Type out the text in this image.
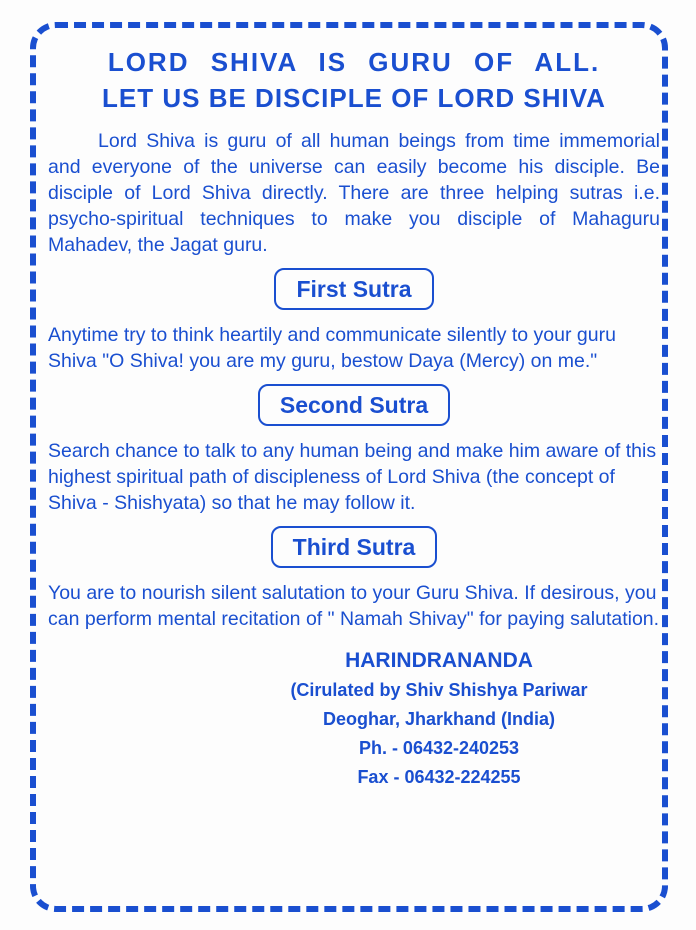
LORD SHIVA IS GURU OF ALL.
LET US BE DISCIPLE OF LORD SHIVA

Lord Shiva is guru of all human beings from time immemorial and everyone of the universe can easily become his disciple. Be disciple of Lord Shiva directly. There are three helping sutras i.e. psycho-spiritual techniques to make you disciple of Mahaguru Mahadev, the Jagat guru.

First Sutra

Anytime try to think heartily and communicate silently to your guru Shiva "O Shiva! you are my guru, bestow Daya (Mercy) on me."

Second Sutra

Search chance to talk to any human being and make him aware of this highest spiritual path of discipleness of Lord Shiva (the concept of Shiva - Shishyata) so that he may follow it.

Third Sutra

You are to nourish silent salutation to your Guru Shiva. If desirous, you can perform mental recitation of " Namah Shivay" for paying salutation.

HARINDRANANDA
(Cirulated by Shiv Shishya Pariwar
Deoghar, Jharkhand (India)
Ph. - 06432-240253
Fax - 06432-224255
